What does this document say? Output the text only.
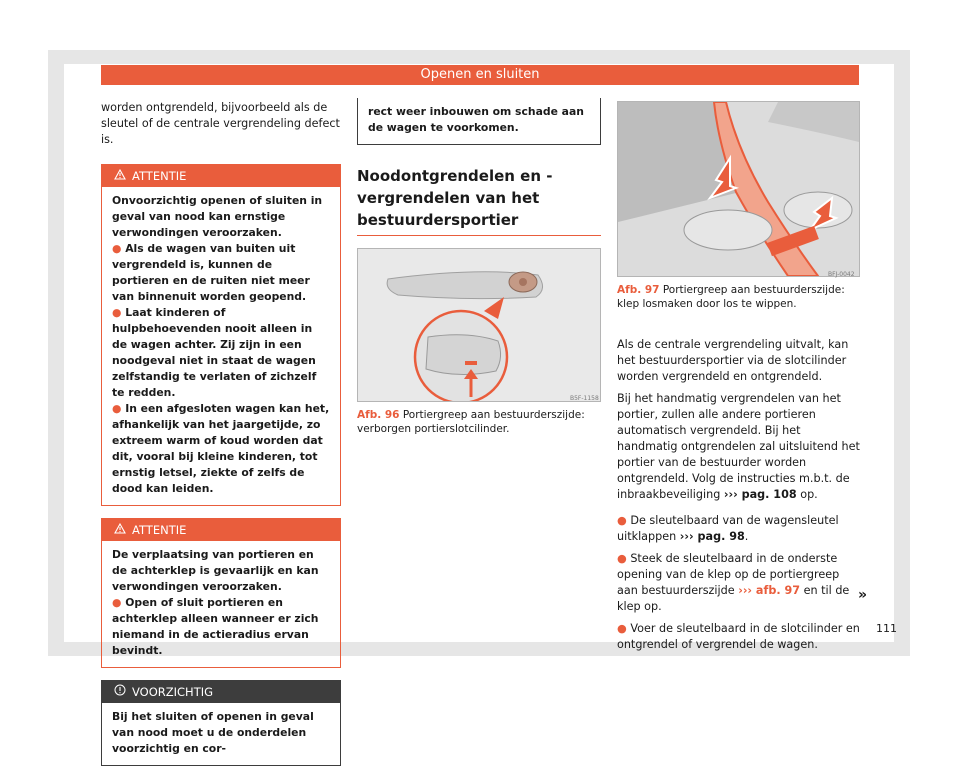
Openen en sluiten

worden ontgrendeld, bijvoorbeeld als de sleutel of de centrale vergrendeling defect is.

ATTENTIE
Onvoorzichtig openen of sluiten in geval van nood kan ernstige verwondingen veroorzaken.
● Als de wagen van buiten uit vergrendeld is, kunnen de portieren en de ruiten niet meer van binnenuit worden geopend.
● Laat kinderen of hulpbehoevenden nooit alleen in de wagen achter. Zij zijn in een noodgeval niet in staat de wagen zelfstandig te verlaten of zichzelf te redden.
● In een afgesloten wagen kan het, afhankelijk van het jaargetijde, zo extreem warm of koud worden dat dit, vooral bij kleine kinderen, tot ernstig letsel, ziekte of zelfs de dood kan leiden.
ATTENTIE
De verplaatsing van portieren en de achterklep is gevaarlijk en kan verwondingen veroorzaken.
● Open of sluit portieren en achterklep alleen wanneer er zich niemand in de actieradius ervan bevindt.
VOORZICHTIG
Bij het sluiten of openen in geval van nood moet u de onderdelen voorzichtig en cor-
rect weer inbouwen om schade aan de wagen te voorkomen.
Noodontgrendelen en -vergrendelen van het bestuurdersportier
B5F-1158
Afb. 96 Portiergreep aan bestuurderszijde: verborgen portierslotcilinder.
BFJ-0042
Afb. 97 Portiergreep aan bestuurderszijde: klep losmaken door los te wippen.

Als de centrale vergrendeling uitvalt, kan het bestuurdersportier via de slotcilinder worden vergrendeld en ontgrendeld.

Bij het handmatig vergrendelen van het portier, zullen alle andere portieren automatisch vergrendeld. Bij het handmatig ontgrendelen zal uitsluitend het portier van de bestuurder worden ontgrendeld. Volg de instructies m.b.t. de inbraakbeveiliging ››› pag. 108 op.

● De sleutelbaard van de wagensleutel uitklappen ››› pag. 98.

● Steek de sleutelbaard in de onderste opening van de klep op de portiergreep aan bestuurderszijde ››› afb. 97 en til de klep op.

● Voer de sleutelbaard in de slotcilinder en ontgrendel of vergrendel de wagen.

»
111
